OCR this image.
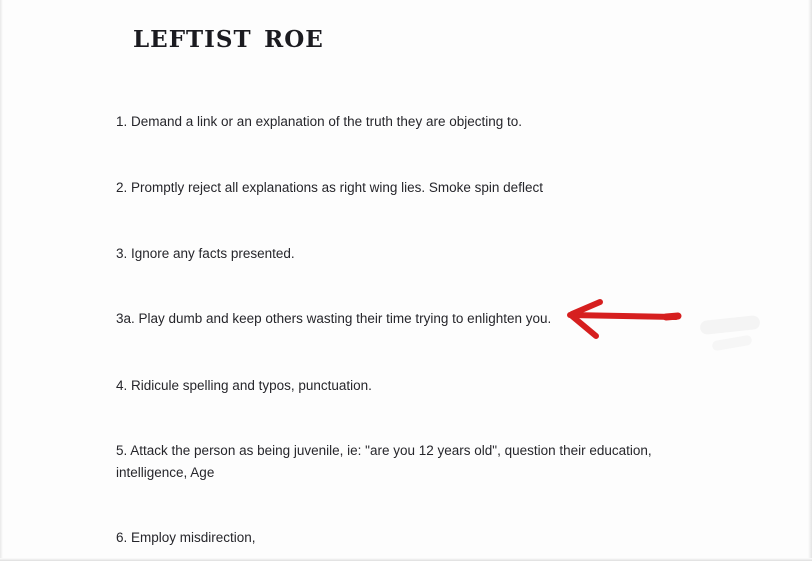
leftist roe
1. Demand a link or an explanation of the truth they are objecting to.
2. Promptly reject all explanations as right wing lies. Smoke spin deflect
3. Ignore any facts presented.
3a. Play dumb and keep others wasting their time trying to enlighten you.
4. Ridicule spelling and typos, punctuation.
5. Attack the person as being juvenile, ie: "are you 12 years old", question their education, intelligence, Age
6. Employ misdirection,
